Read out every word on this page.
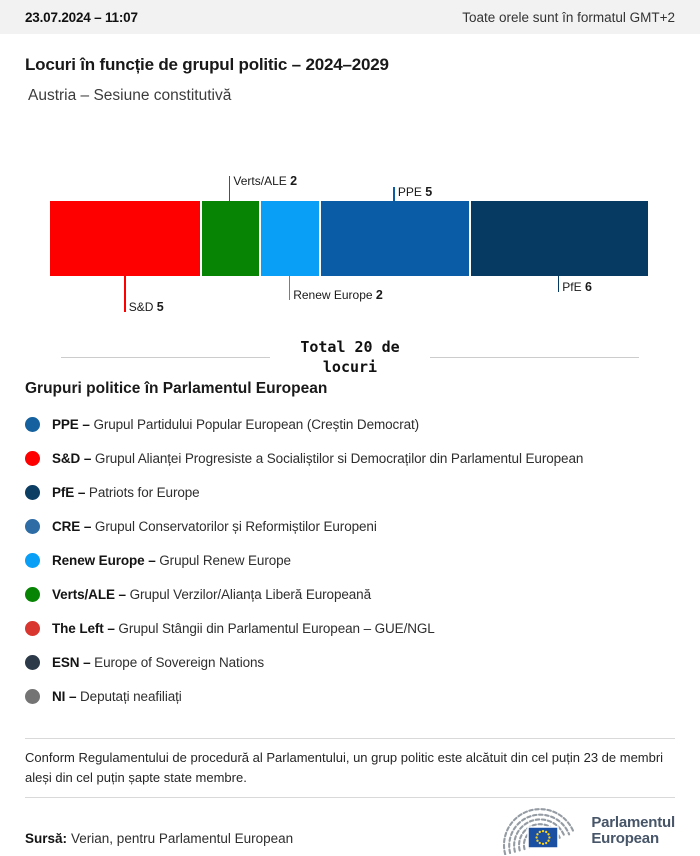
23.07.2024 – 11:07	Toate orele sunt în formatul GMT+2
Locuri în funcție de grupul politic – 2024–2029
Austria – Sesiune constitutivă
S&D 5
Verts/ALE 2
Renew Europe 2
PPE 5
PfE 6
Total 20 de locuri
Grupuri politice în Parlamentul European
PPE – Grupul Partidului Popular European (Creștin Democrat)
S&D – Grupul Alianței Progresiste a Socialiștilor si Democraților din Parlamentul European
PfE – Patriots for Europe
CRE – Grupul Conservatorilor și Reformiștilor Europeni
Renew Europe – Grupul Renew Europe
Verts/ALE – Grupul Verzilor/Alianța Liberă Europeană
The Left – Grupul Stângii din Parlamentul European – GUE/NGL
ESN – Europe of Sovereign Nations
NI – Deputați neafiliați
Conform Regulamentului de procedură al Parlamentului, un grup politic este alcătuit din cel puțin 23 de membri aleși din cel puțin șapte state membre.
Sursă: Verian, pentru Parlamentul European
Parlamentul
European
